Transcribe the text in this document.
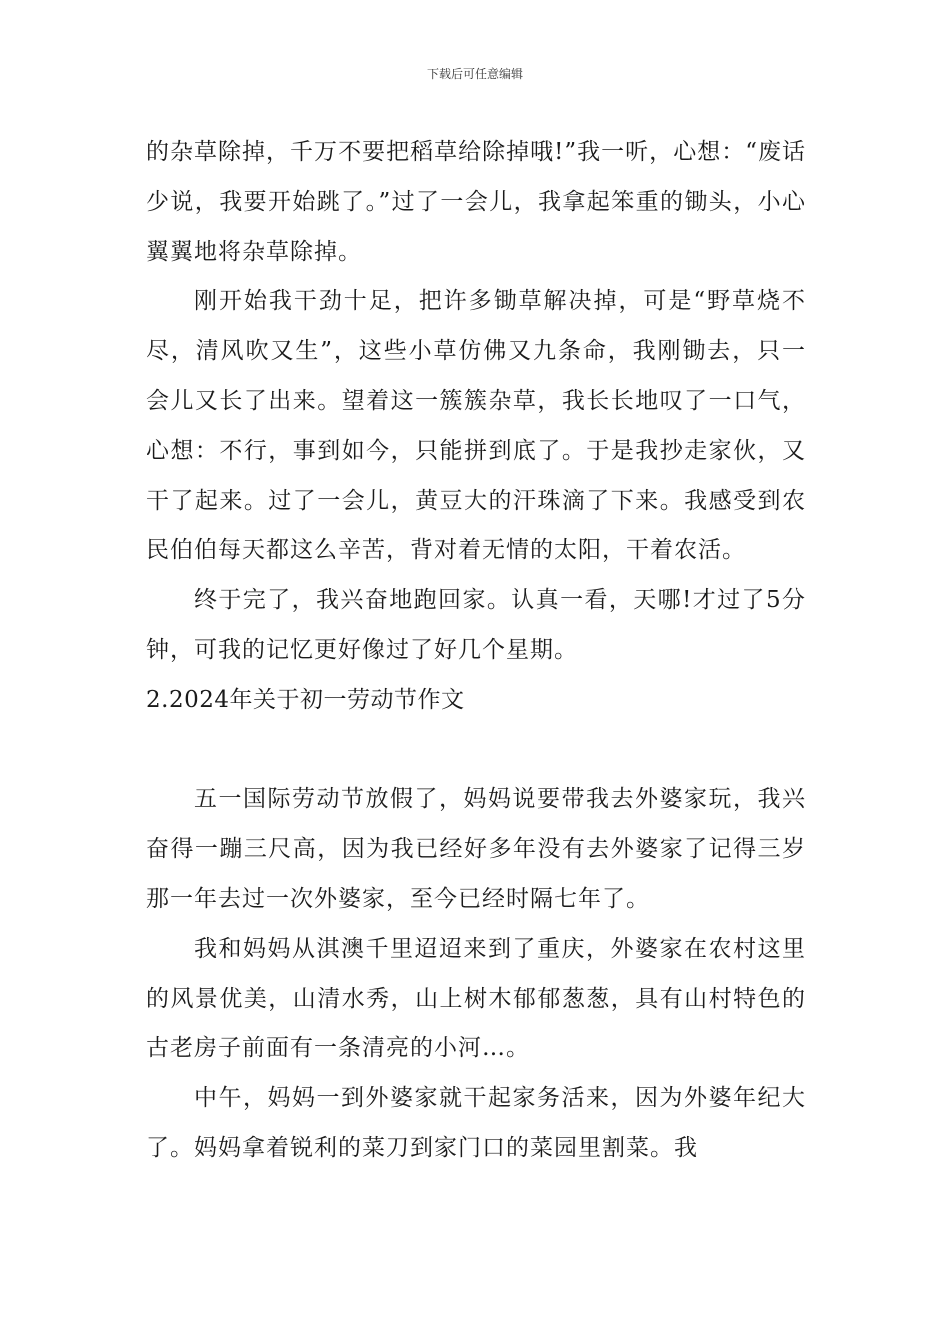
下载后可任意编辑

的杂草除掉，千万不要把稻草给除掉哦!”我一听，心想：“废话少说，我要开始跳了。”过了一会儿，我拿起笨重的锄头，小心翼翼地将杂草除掉。

刚开始我干劲十足，把许多锄草解决掉，可是“野草烧不尽，清风吹又生”，这些小草仿佛又九条命，我刚锄去，只一会儿又长了出来。望着这一簇簇杂草，我长长地叹了一口气，心想：不行，事到如今，只能拼到底了。于是我抄走家伙，又干了起来。过了一会儿，黄豆大的汗珠滴了下来。我感受到农民伯伯每天都这么辛苦，背对着无情的太阳，干着农活。

终于完了，我兴奋地跑回家。认真一看，天哪!才过了5分钟，可我的记忆更好像过了好几个星期。

2.2024年关于初一劳动节作文

五一国际劳动节放假了，妈妈说要带我去外婆家玩，我兴奋得一蹦三尺高，因为我已经好多年没有去外婆家了记得三岁那一年去过一次外婆家，至今已经时隔七年了。

我和妈妈从淇澳千里迢迢来到了重庆，外婆家在农村这里的风景优美，山清水秀，山上树木郁郁葱葱，具有山村特色的古老房子前面有一条清亮的小河…。

中午，妈妈一到外婆家就干起家务活来，因为外婆年纪大了。妈妈拿着锐利的菜刀到家门口的菜园里割菜。我
